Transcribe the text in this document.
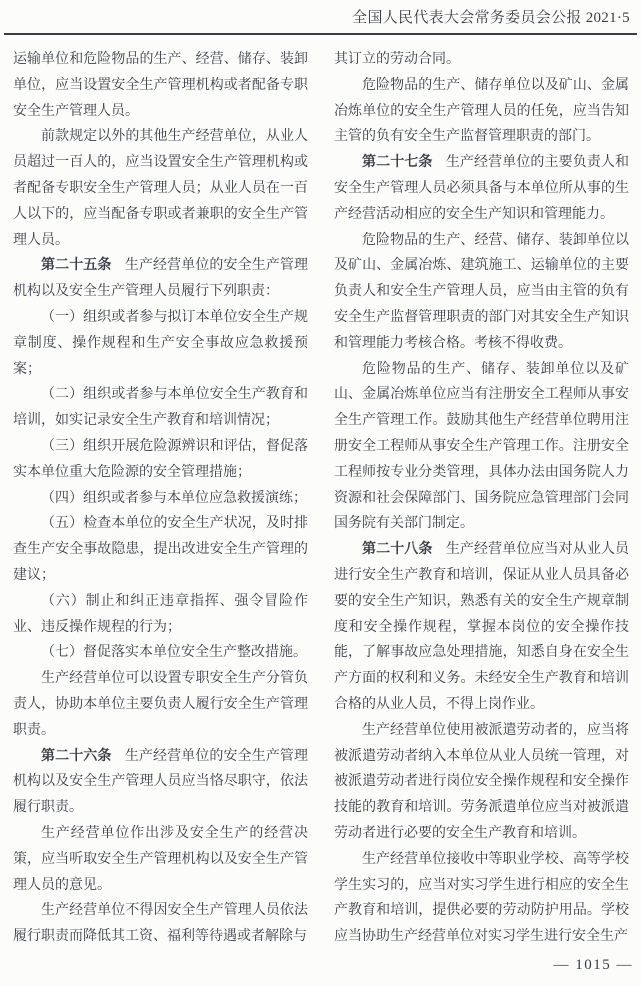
全国人民代表大会常务委员会公报 2021·5

运输单位和危险物品的生产、经营、储存、装卸单位，应当设置安全生产管理机构或者配备专职安全生产管理人员。

前款规定以外的其他生产经营单位，从业人员超过一百人的，应当设置安全生产管理机构或者配备专职安全生产管理人员；从业人员在一百人以下的，应当配备专职或者兼职的安全生产管理人员。

第二十五条 生产经营单位的安全生产管理机构以及安全生产管理人员履行下列职责：

（一）组织或者参与拟订本单位安全生产规章制度、操作规程和生产安全事故应急救援预案；

（二）组织或者参与本单位安全生产教育和培训，如实记录安全生产教育和培训情况；

（三）组织开展危险源辨识和评估，督促落实本单位重大危险源的安全管理措施；

（四）组织或者参与本单位应急救援演练；

（五）检查本单位的安全生产状况，及时排查生产安全事故隐患，提出改进安全生产管理的建议；

（六）制止和纠正违章指挥、强令冒险作业、违反操作规程的行为；

（七）督促落实本单位安全生产整改措施。

生产经营单位可以设置专职安全生产分管负责人，协助本单位主要负责人履行安全生产管理职责。

第二十六条 生产经营单位的安全生产管理机构以及安全生产管理人员应当恪尽职守，依法履行职责。

生产经营单位作出涉及安全生产的经营决策，应当听取安全生产管理机构以及安全生产管理人员的意见。

生产经营单位不得因安全生产管理人员依法履行职责而降低其工资、福利等待遇或者解除与

其订立的劳动合同。

危险物品的生产、储存单位以及矿山、金属冶炼单位的安全生产管理人员的任免，应当告知主管的负有安全生产监督管理职责的部门。

第二十七条 生产经营单位的主要负责人和安全生产管理人员必须具备与本单位所从事的生产经营活动相应的安全生产知识和管理能力。

危险物品的生产、经营、储存、装卸单位以及矿山、金属冶炼、建筑施工、运输单位的主要负责人和安全生产管理人员，应当由主管的负有安全生产监督管理职责的部门对其安全生产知识和管理能力考核合格。考核不得收费。

危险物品的生产、储存、装卸单位以及矿山、金属冶炼单位应当有注册安全工程师从事安全生产管理工作。鼓励其他生产经营单位聘用注册安全工程师从事安全生产管理工作。注册安全工程师按专业分类管理，具体办法由国务院人力资源和社会保障部门、国务院应急管理部门会同国务院有关部门制定。

第二十八条 生产经营单位应当对从业人员进行安全生产教育和培训，保证从业人员具备必要的安全生产知识，熟悉有关的安全生产规章制度和安全操作规程，掌握本岗位的安全操作技能，了解事故应急处理措施，知悉自身在安全生产方面的权利和义务。未经安全生产教育和培训合格的从业人员，不得上岗作业。

生产经营单位使用被派遣劳动者的，应当将被派遣劳动者纳入本单位从业人员统一管理，对被派遣劳动者进行岗位安全操作规程和安全操作技能的教育和培训。劳务派遣单位应当对被派遣劳动者进行必要的安全生产教育和培训。

生产经营单位接收中等职业学校、高等学校学生实习的，应当对实习学生进行相应的安全生产教育和培训，提供必要的劳动防护用品。学校应当协助生产经营单位对实习学生进行安全生产

— 1015 —
